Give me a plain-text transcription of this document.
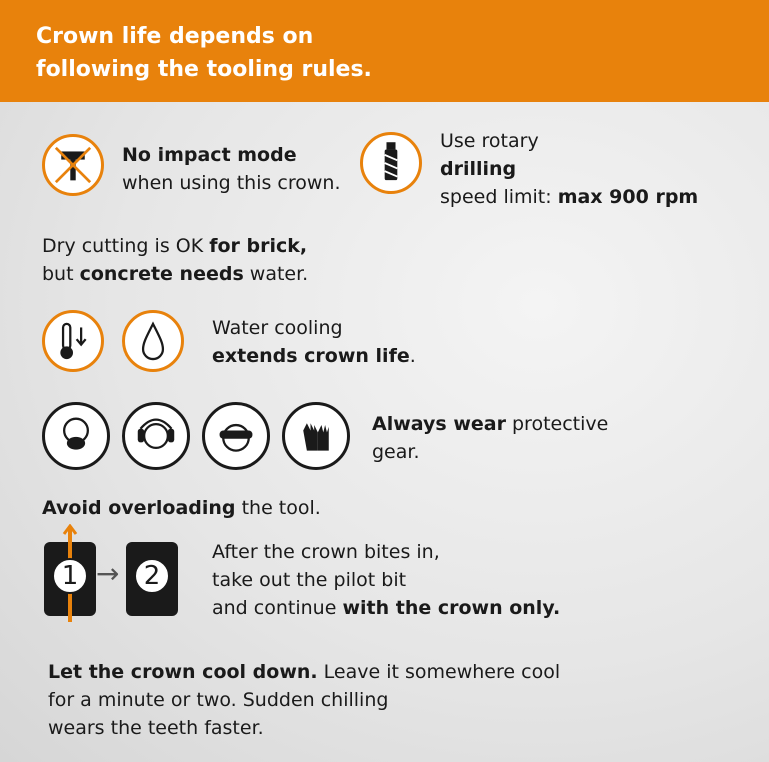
Crown life depends on
following the tooling rules.
No impact mode
when using this crown.
Use rotary
drilling
speed limit: max 900 rpm
Dry cutting is OK for brick,
but concrete needs water.
Water cooling
extends crown life.
Always wear protective
gear.
Avoid overloading the tool.
1 → 2
After the crown bites in,
take out the pilot bit
and continue with the crown only.
Let the crown cool down. Leave it somewhere cool
for a minute or two. Sudden chilling
wears the teeth faster.
